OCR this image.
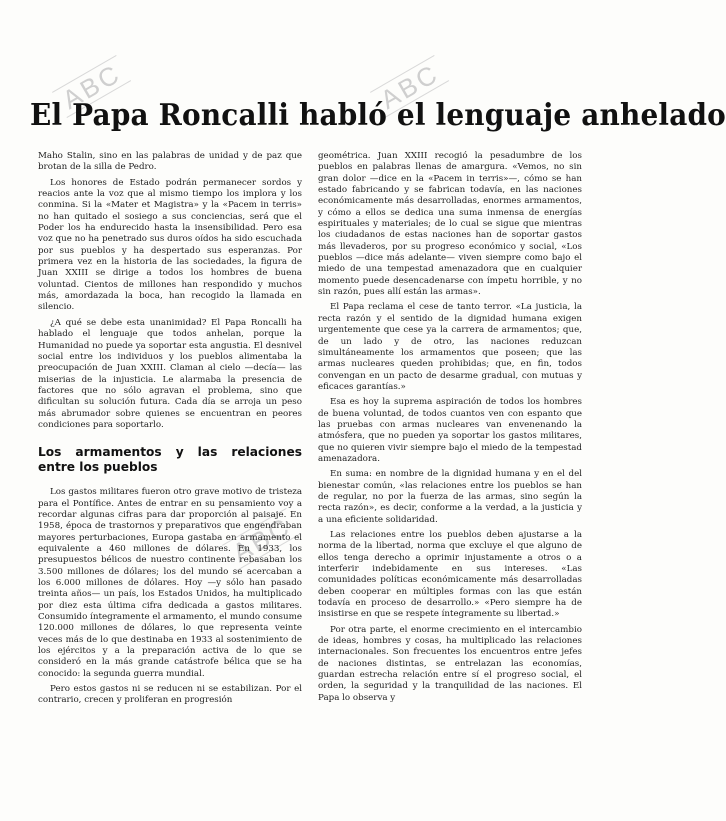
ABC	ABC
ABC
El Papa Roncalli habló el lenguaje anhelado

Maho Stalin, sino en las palabras de unidad y de paz que brotan de la silla de Pedro.

Los honores de Estado podrán permanecer sordos y reacios ante la voz que al mismo tiempo los implora y los conmina. Si la «Mater et Magistra» y la «Pacem in terris» no han quitado el sosiego a sus conciencias, será que el Poder los ha endurecido hasta la insensibilidad. Pero esa voz que no ha penetrado sus duros oídos ha sido escuchada por sus pueblos y ha despertado sus esperanzas. Por primera vez en la historia de las sociedades, la figura de Juan XXIII se dirige a todos los hombres de buena voluntad. Cientos de millones han respondido y muchos más, amordazada la boca, han recogido la llamada en silencio.

¿A qué se debe esta unanimidad? El Papa Roncalli ha hablado el lenguaje que todos anhelan, porque la Humanidad no puede ya soportar esta angustia. El desnivel social entre los individuos y los pueblos alimentaba la preocupación de Juan XXIII. Claman al cielo —decía— las miserias de la injusticia. Le alarmaba la presencia de factores que no sólo agravan el problema, sino que dificultan su solución futura. Cada día se arroja un peso más abrumador sobre quienes se encuentran en peores condiciones para soportarlo.

Los armamentos y las relaciones entre los pueblos

Los gastos militares fueron otro grave motivo de tristeza para el Pontífice. Antes de entrar en su pensamiento voy a recordar algunas cifras para dar proporción al paisaje. En 1958, época de trastornos y preparativos que engendraban mayores perturbaciones, Europa gastaba en armamento el equivalente a 460 millones de dólares. En 1933, los presupuestos bélicos de nuestro continente rebasaban los 3.500 millones de dólares; los del mundo se acercaban a los 6.000 millones de dólares. Hoy —y sólo han pasado treinta años— un país, los Estados Unidos, ha multiplicado por diez esta última cifra dedicada a gastos militares. Consumido íntegramente el armamento, el mundo consume 120.000 millones de dólares, lo que representa veinte veces más de lo que destinaba en 1933 al sostenimiento de los ejércitos y a la preparación activa de lo que se consideró en la más grande catástrofe bélica que se ha conocido: la segunda guerra mundial.

Pero estos gastos ni se reducen ni se estabilizan. Por el contrario, crecen y proliferan en progresión

geométrica. Juan XXIII recogió la pesadumbre de los pueblos en palabras llenas de amargura. «Vemos, no sin gran dolor —dice en la «Pacem in terris»—, cómo se han estado fabricando y se fabrican todavía, en las naciones económicamente más desarrolladas, enormes armamentos, y cómo a ellos se dedica una suma inmensa de energías espirituales y materiales; de lo cual se sigue que mientras los ciudadanos de estas naciones han de soportar gastos más llevaderos, por su progreso económico y social, «Los pueblos —dice más adelante— viven siempre como bajo el miedo de una tempestad amenazadora que en cualquier momento puede desencadenarse con ímpetu horrible, y no sin razón, pues allí están las armas».

El Papa reclama el cese de tanto terror. «La justicia, la recta razón y el sentido de la dignidad humana exigen urgentemente que cese ya la carrera de armamentos; que, de un lado y de otro, las naciones reduzcan simultáneamente los armamentos que poseen; que las armas nucleares queden prohibidas; que, en fin, todos convengan en un pacto de desarme gradual, con mutuas y eficaces garantías.»

Esa es hoy la suprema aspiración de todos los hombres de buena voluntad, de todos cuantos ven con espanto que las pruebas con armas nucleares van envenenando la atmósfera, que no pueden ya soportar los gastos militares, que no quieren vivir siempre bajo el miedo de la tempestad amenazadora.

En suma: en nombre de la dignidad humana y en el del bienestar común, «las relaciones entre los pueblos se han de regular, no por la fuerza de las armas, sino según la recta razón», es decir, conforme a la verdad, a la justicia y a una eficiente solidaridad.

Las relaciones entre los pueblos deben ajustarse a la norma de la libertad, norma que excluye el que alguno de ellos tenga derecho a oprimir injustamente a otros o a interferir indebidamente en sus intereses. «Las comunidades políticas económicamente más desarrolladas deben cooperar en múltiples formas con las que están todavía en proceso de desarrollo.» «Pero siempre ha de insistirse en que se respete íntegramente su libertad.»

Por otra parte, el enorme crecimiento en el intercambio de ideas, hombres y cosas, ha multiplicado las relaciones internacionales. Son frecuentes los encuentros entre jefes de naciones distintas, se entrelazan las economías, guardan estrecha relación entre sí el progreso social, el orden, la seguridad y la tranquilidad de las naciones. El Papa lo observa y
